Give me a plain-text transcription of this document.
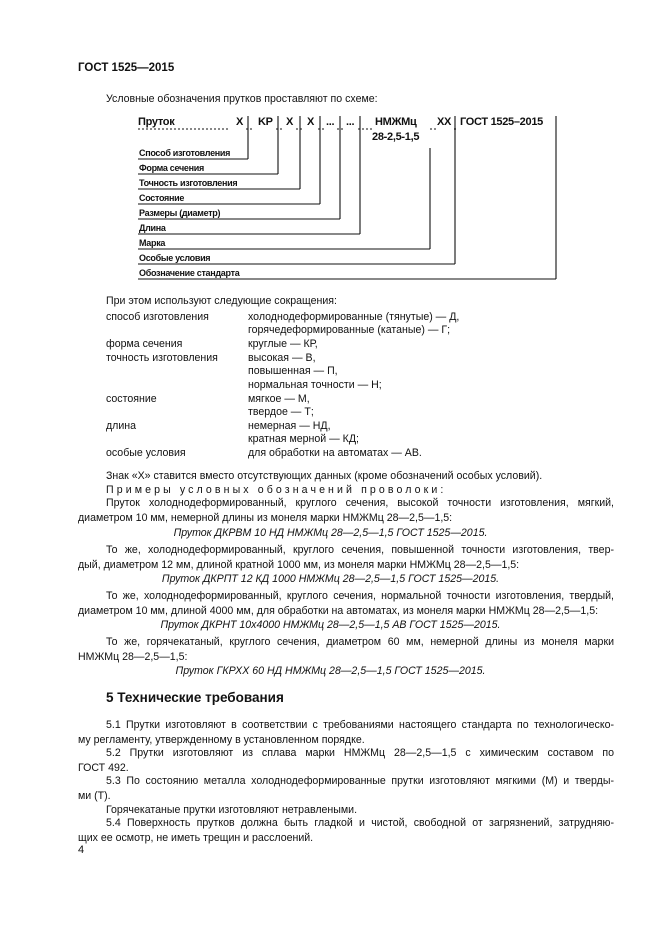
ГОСТ 1525—2015
Условные обозначения прутков проставляют по схеме:
Пруток	X KP X X ... ... НМЖМц
28-2,5-1,5
XX ГОСТ 1525–2015
Способ изготовления
Форма сечения
Точность изготовления
Состояние
Размеры (диаметр)
Длина
Марка
Особые условия
Обозначение стандарта
При этом используют следующие сокращения:
способ изготовления	холоднодеформированные (тянутые) — Д,
горячедеформированные (катаные) — Г;
форма сечения	круглые — КР,
точность изготовления	высокая — В,
повышенная — П,
нормальная точности — Н;
состояние	мягкое — М,
твердое — Т;
длина	немерная — НД,
кратная мерной — КД;
особые условия	для обработки на автоматах — АВ.
Знак «Х» ставится вместо отсутствующих данных (кроме обозначений особых условий).
Примеры условных обозначений проволоки:
Пруток холоднодеформированный, круглого сечения, высокой точности изготовления, мягкий,
диаметром 10 мм, немерной длины из монеля марки НМЖМц 28—2,5—1,5:
Пруток ДКРВМ 10 НД НМЖМц 28—2,5—1,5 ГОСТ 1525—2015.
То же, холоднодеформированный, круглого сечения, повышенной точности изготовления, твер-
дый, диаметром 12 мм, длиной кратной 1000 мм, из монеля марки НМЖМц 28—2,5—1,5:
Пруток ДКРПТ 12 КД 1000 НМЖМц 28—2,5—1,5 ГОСТ 1525—2015.
То же, холоднодеформированный, круглого сечения, нормальной точности изготовления, твердый,
диаметром 10 мм, длиной 4000 мм, для обработки на автоматах, из монеля марки НМЖМц 28—2,5—1,5:
Пруток ДКРНТ 10х4000 НМЖМц 28—2,5—1,5 АВ ГОСТ 1525—2015.
То же, горячекатаный, круглого сечения, диаметром 60 мм, немерной длины из монеля марки
НМЖМц 28—2,5—1,5:
Пруток ГКРХХ 60 НД НМЖМц 28—2,5—1,5 ГОСТ 1525—2015.
5 Технические требования
5.1 Прутки изготовляют в соответствии с требованиями настоящего стандарта по технологическо-
му регламенту, утвержденному в установленном порядке.
5.2 Прутки изготовляют из сплава марки НМЖМц 28—2,5—1,5 с химическим составом по
ГОСТ 492.
5.3 По состоянию металла холоднодеформированные прутки изготовляют мягкими (М) и тверды-
ми (Т).
Горячекатаные прутки изготовляют нетравлеными.
5.4 Поверхность прутков должна быть гладкой и чистой, свободной от загрязнений, затрудняю-
щих ее осмотр, не иметь трещин и расслоений.
4
